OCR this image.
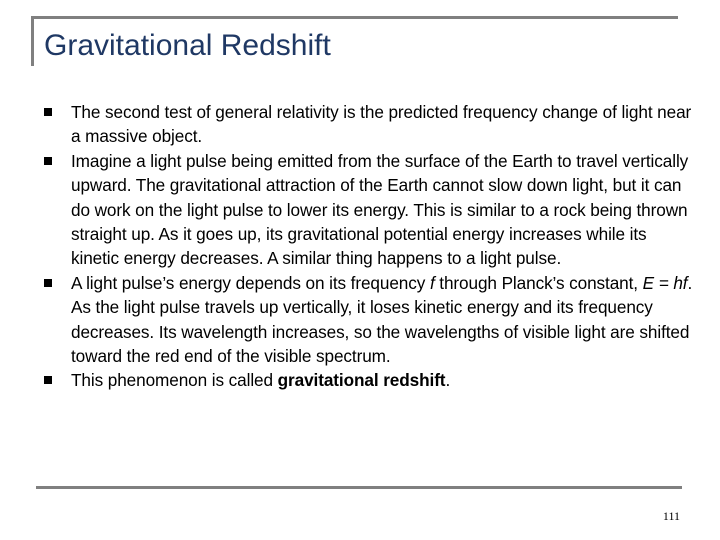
Gravitational Redshift
The second test of general relativity is the predicted frequency change of light near a massive object.
Imagine a light pulse being emitted from the surface of the Earth to travel vertically upward. The gravitational attraction of the Earth cannot slow down light, but it can do work on the light pulse to lower its energy. This is similar to a rock being thrown straight up. As it goes up, its gravitational potential energy increases while its kinetic energy decreases. A similar thing happens to a light pulse.
A light pulse’s energy depends on its frequency f through Planck’s constant, E = hf. As the light pulse travels up vertically, it loses kinetic energy and its frequency decreases. Its wavelength increases, so the wavelengths of visible light are shifted toward the red end of the visible spectrum.
This phenomenon is called gravitational redshift.
111
